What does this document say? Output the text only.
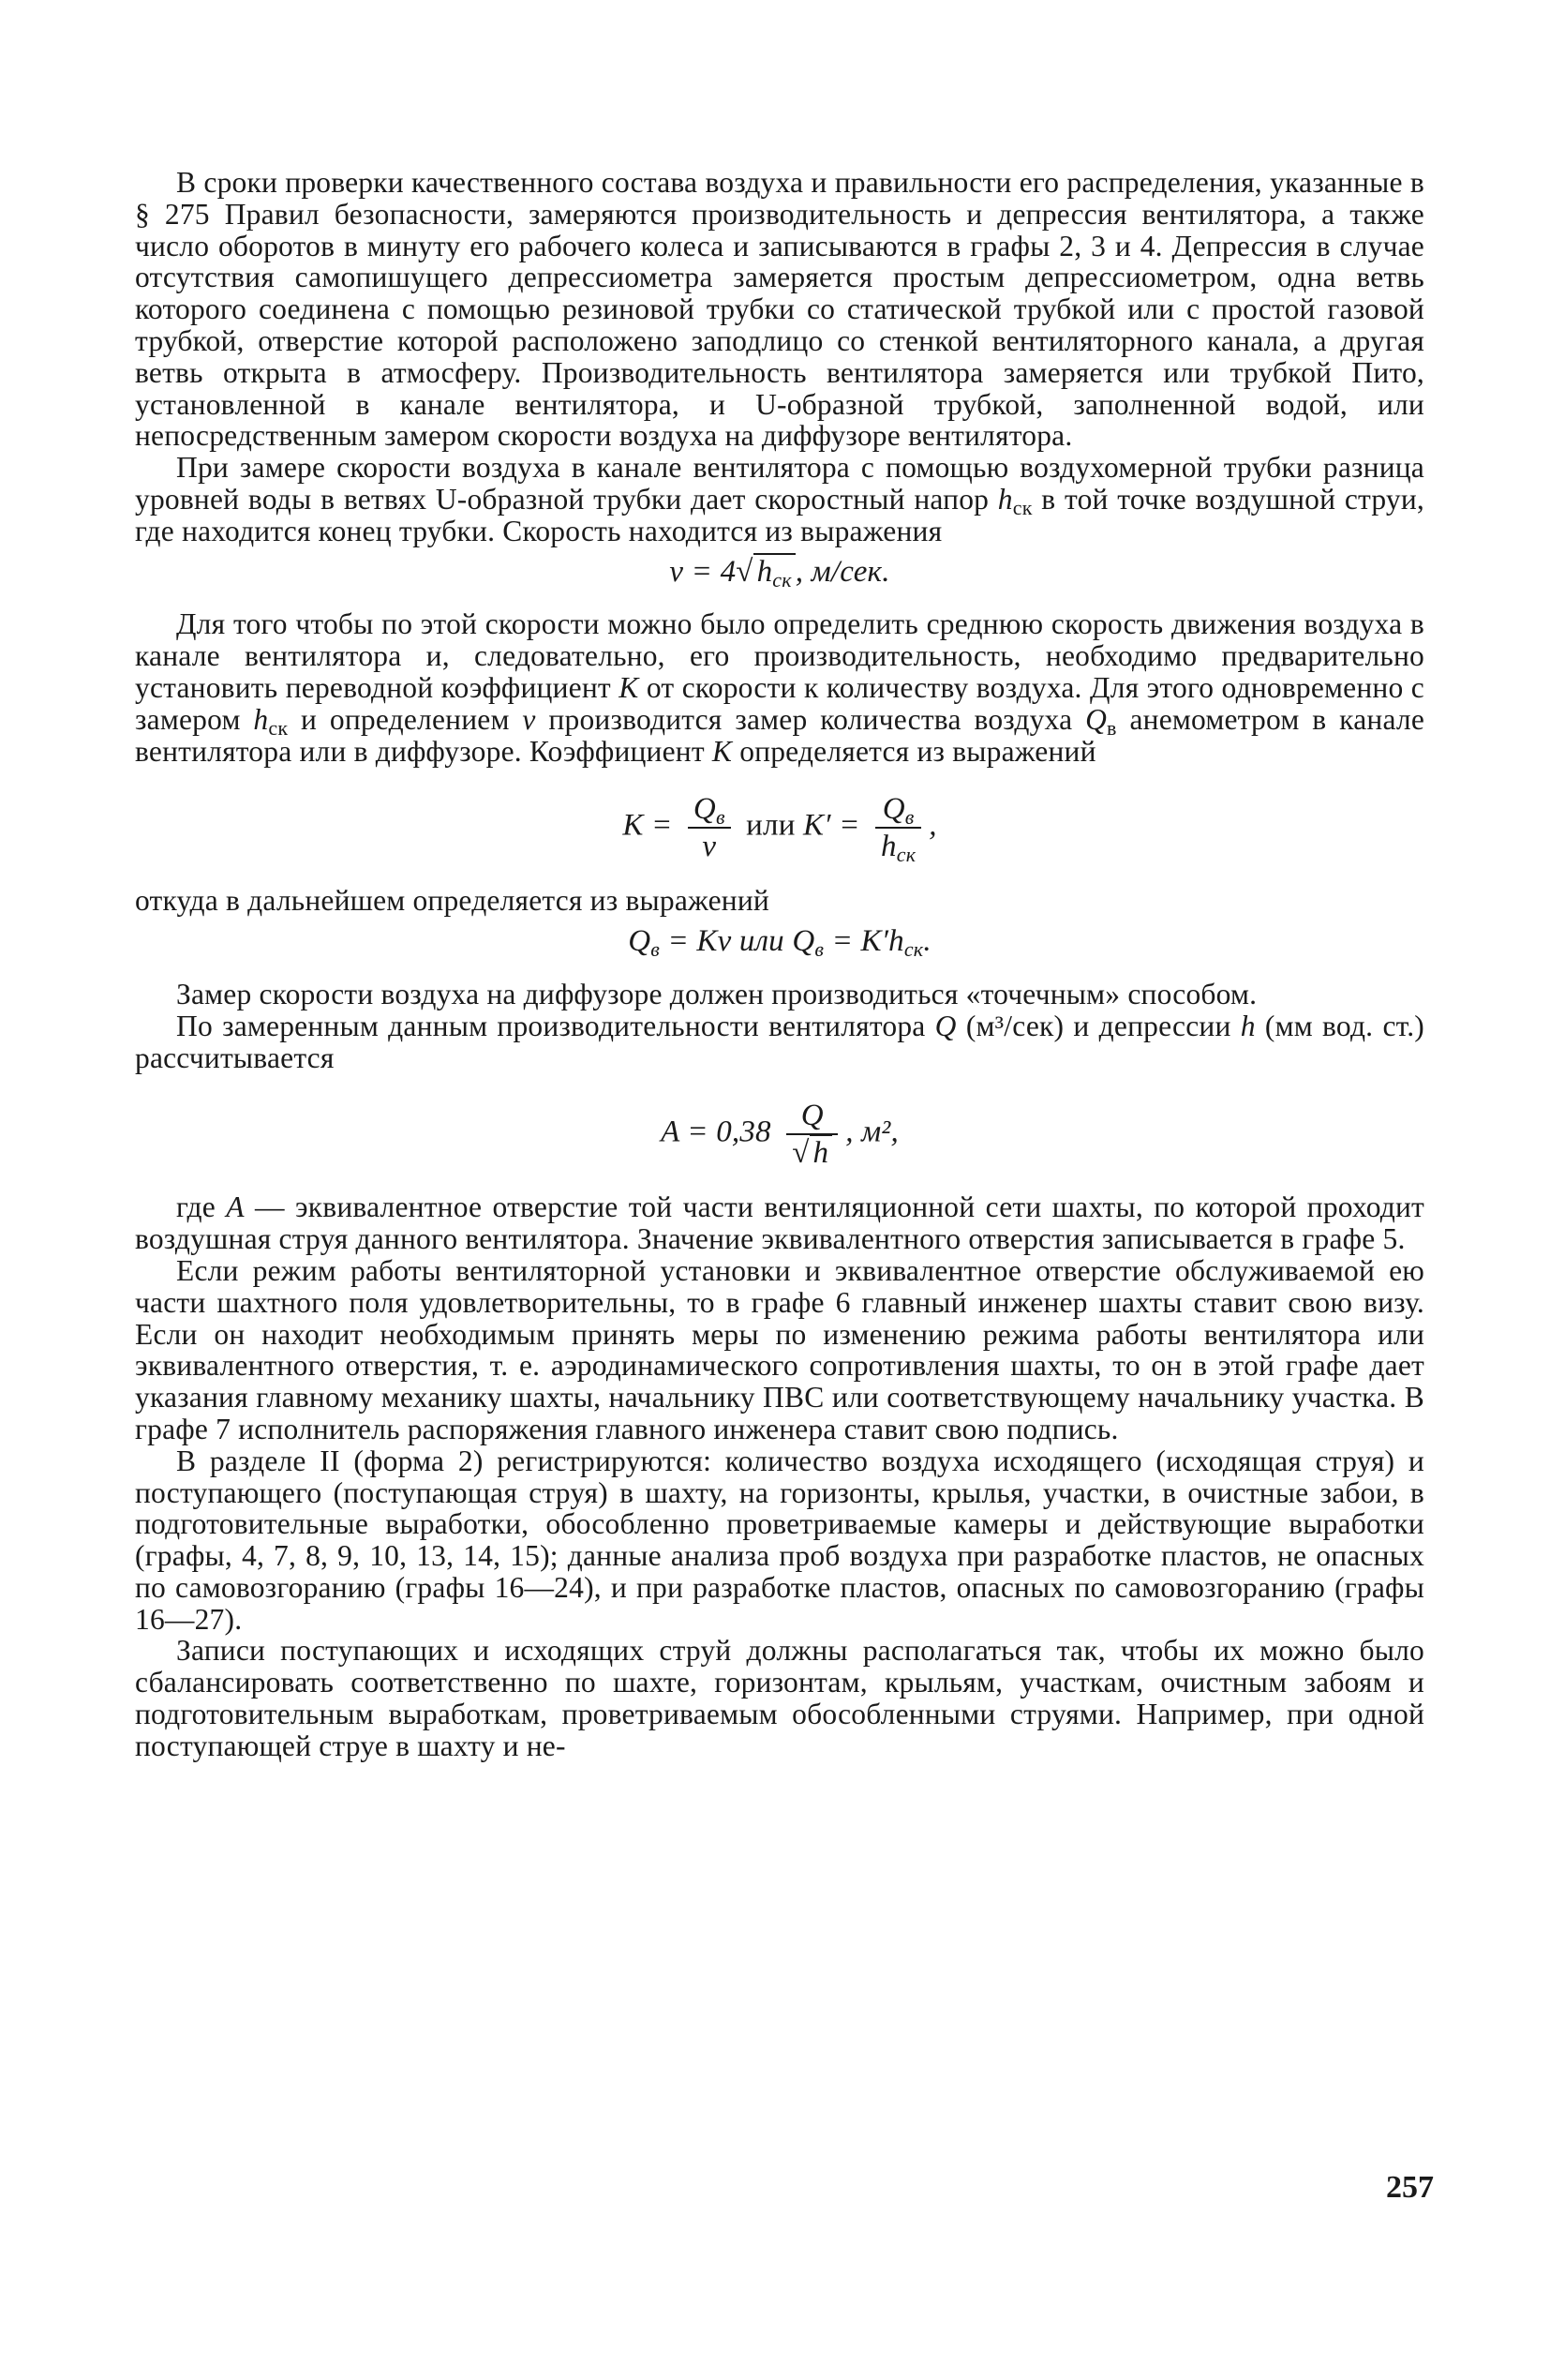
В сроки проверки качественного состава воздуха и правильности его распределения, указанные в § 275 Правил безопасности, замеряются производительность и депрессия вентилятора, а также число оборотов в минуту его рабочего колеса и записываются в графы 2, 3 и 4. Депрессия в случае отсутствия самопишущего депрессиометра замеряется простым депрессиометром, одна ветвь которого соединена с помощью резиновой трубки со статической трубкой или с простой газовой трубкой, отверстие которой расположено заподлицо со стенкой вентиляторного канала, а другая ветвь открыта в атмосферу. Производительность вентилятора замеряется или трубкой Пито, установленной в канале вентилятора, и U-образной трубкой, заполненной водой, или непосредственным замером скорости воздуха на диффузоре вентилятора.

При замере скорости воздуха в канале вентилятора с помощью воздухомерной трубки разница уровней воды в ветвях U-образной трубки дает скоростный напор $h_{ск}$ в той точке воздушной струи, где находится конец трубки. Скорость находится из выражения

v = 4√ $h_{ск}$ , м/сек.

Для того чтобы по этой скорости можно было определить среднюю скорость движения воздуха в канале вентилятора и, следовательно, его производительность, необходимо предварительно установить переводной коэффициент K от скорости к количеству воздуха. Для этого одновременно с замером $h_{ск}$ и определением v производится замер количества воздуха $Q_в$ анемометром в канале вентилятора или в диффузоре. Коэффициент K определяется из выражений

$K = \frac{Q_в}{v}$ или $K' = \frac{Q_в}{h_{ск}}$ ,

откуда в дальнейшем определяется из выражений

$Q_в = Kv$ или $Q_в = K'h_{ск}$.

Замер скорости воздуха на диффузоре должен производиться «точечным» способом.

По замеренным данным производительности вентилятора Q (м³/сек) и депрессии h (мм вод. ст.) рассчитывается

$A = 0,38 \frac{Q}{√ h}$ , м²,

где A — эквивалентное отверстие той части вентиляционной сети шахты, по которой проходит воздушная струя данного вентилятора. Значение эквивалентного отверстия записывается в графе 5.

Если режим работы вентиляторной установки и эквивалентное отверстие обслуживаемой ею части шахтного поля удовлетворительны, то в графе 6 главный инженер шахты ставит свою визу. Если он находит необходимым принять меры по изменению режима работы вентилятора или эквивалентного отверстия, т. е. аэродинамического сопротивления шахты, то он в этой графе дает указания главному механику шахты, начальнику ПВС или соответствующему начальнику участка. В графе 7 исполнитель распоряжения главного инженера ставит свою подпись.

В разделе II (форма 2) регистрируются: количество воздуха исходящего (исходящая струя) и поступающего (поступающая струя) в шахту, на горизонты, крылья, участки, в очистные забои, в подготовительные выработки, обособленно проветриваемые камеры и действующие выработки (графы, 4, 7, 8, 9, 10, 13, 14, 15); данные анализа проб воздуха при разработке пластов, не опасных по самовозгоранию (графы 16—24), и при разработке пластов, опасных по самовозгоранию (графы 16—27).

Записи поступающих и исходящих струй должны располагаться так, чтобы их можно было сбалансировать соответственно по шахте, горизонтам, крыльям, участкам, очистным забоям и подготовительным выработкам, проветриваемым обособленными струями. Например, при одной поступающей струе в шахту и не-

257
